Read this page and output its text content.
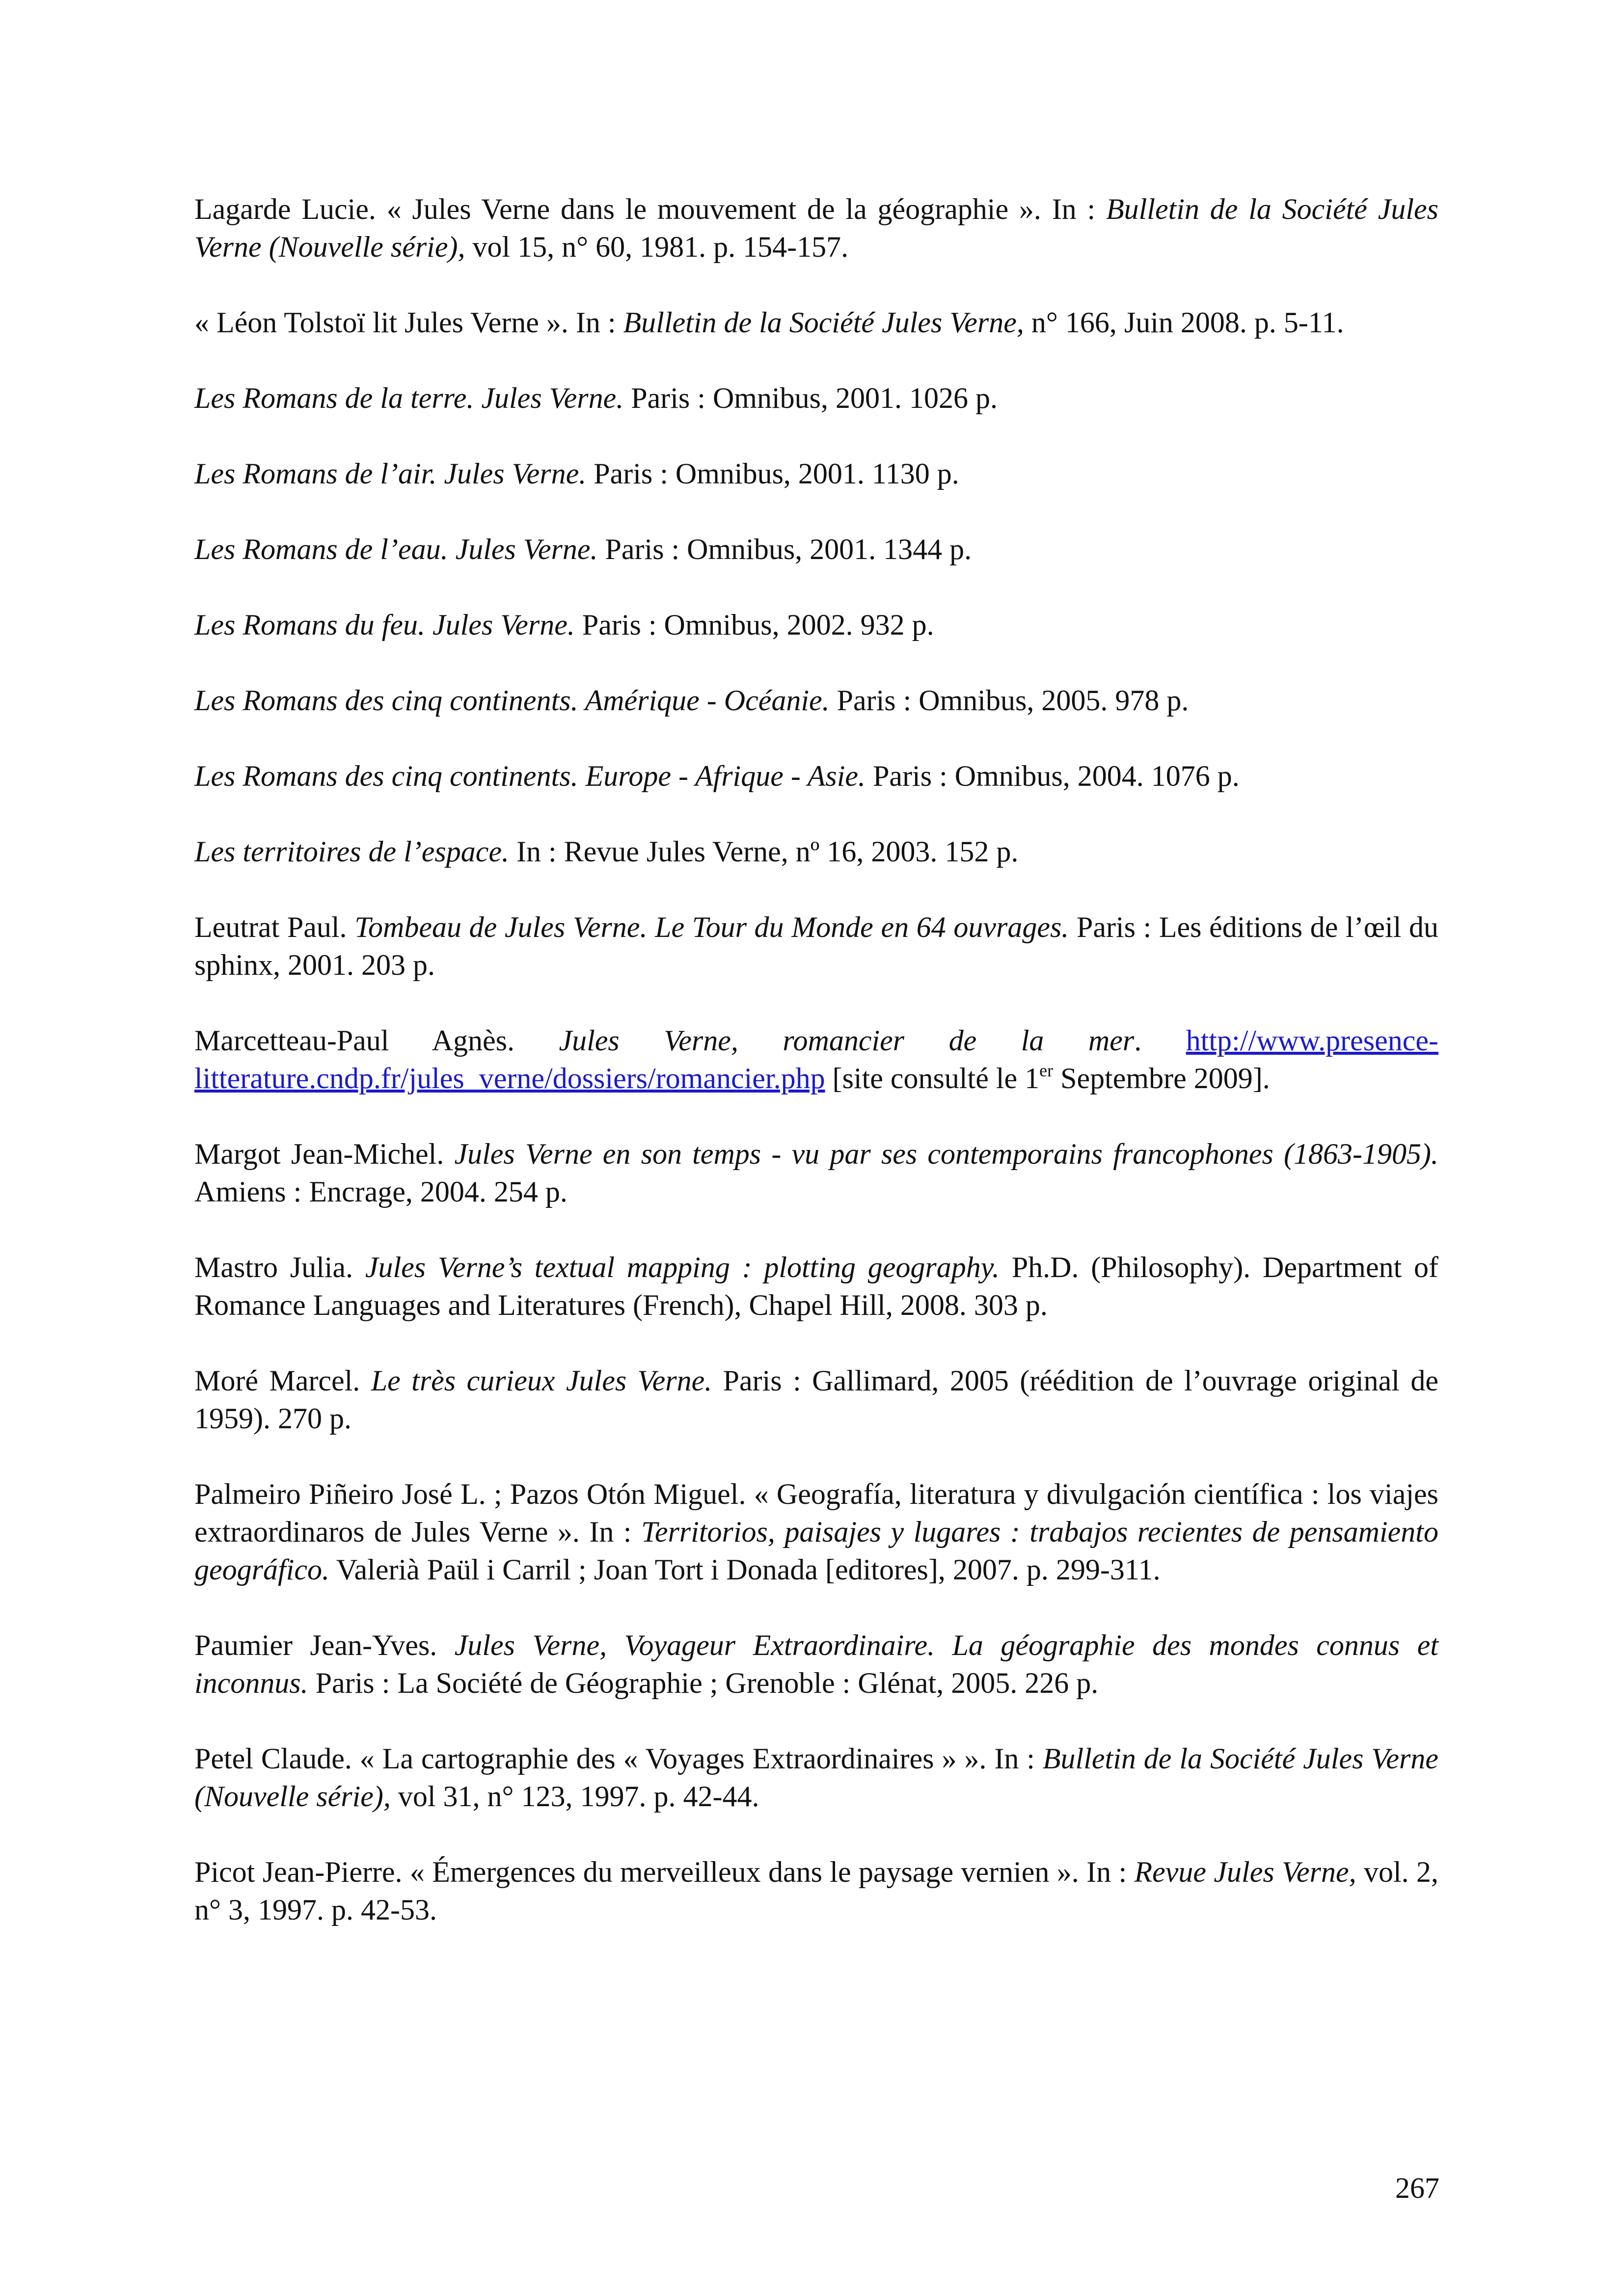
Lagarde Lucie. « Jules Verne dans le mouvement de la géographie ». In : Bulletin de la Société Jules Verne (Nouvelle série), vol 15, n° 60, 1981. p. 154-157.

« Léon Tolstoï lit Jules Verne ». In : Bulletin de la Société Jules Verne, n° 166, Juin 2008. p. 5-11.

Les Romans de la terre. Jules Verne. Paris : Omnibus, 2001. 1026 p.

Les Romans de l’air. Jules Verne. Paris : Omnibus, 2001. 1130 p.

Les Romans de l’eau. Jules Verne. Paris : Omnibus, 2001. 1344 p.

Les Romans du feu. Jules Verne. Paris : Omnibus, 2002. 932 p.

Les Romans des cinq continents. Amérique - Océanie. Paris : Omnibus, 2005. 978 p.

Les Romans des cinq continents. Europe - Afrique - Asie. Paris : Omnibus, 2004. 1076 p.

Les territoires de l’espace. In : Revue Jules Verne, nº 16, 2003. 152 p.

Leutrat Paul. Tombeau de Jules Verne. Le Tour du Monde en 64 ouvrages. Paris : Les éditions de l’œil du sphinx, 2001. 203 p.

Marcetteau-Paul Agnès. Jules Verne, romancier de la mer. http://www.presence-litterature.cndp.fr/jules_verne/dossiers/romancier.php [site consulté le 1er Septembre 2009].

Margot Jean-Michel. Jules Verne en son temps - vu par ses contemporains francophones (1863-1905). Amiens : Encrage, 2004. 254 p.

Mastro Julia. Jules Verne’s textual mapping : plotting geography. Ph.D. (Philosophy). Department of Romance Languages and Literatures (French), Chapel Hill, 2008. 303 p.

Moré Marcel. Le très curieux Jules Verne. Paris : Gallimard, 2005 (réédition de l’ouvrage original de 1959). 270 p.

Palmeiro Piñeiro José L. ; Pazos Otón Miguel. « Geografía, literatura y divulgación científica : los viajes extraordinaros de Jules Verne ». In : Territorios, paisajes y lugares : trabajos recientes de pensamiento geográfico. Valerià Paül i Carril ; Joan Tort i Donada [editores], 2007. p. 299-311.

Paumier Jean-Yves. Jules Verne, Voyageur Extraordinaire. La géographie des mondes connus et inconnus. Paris : La Société de Géographie ; Grenoble : Glénat, 2005. 226 p.

Petel Claude. « La cartographie des « Voyages Extraordinaires » ». In : Bulletin de la Société Jules Verne (Nouvelle série), vol 31, n° 123, 1997. p. 42-44.

Picot Jean-Pierre. « Émergences du merveilleux dans le paysage vernien ». In : Revue Jules Verne, vol. 2, n° 3, 1997. p. 42-53.

267
